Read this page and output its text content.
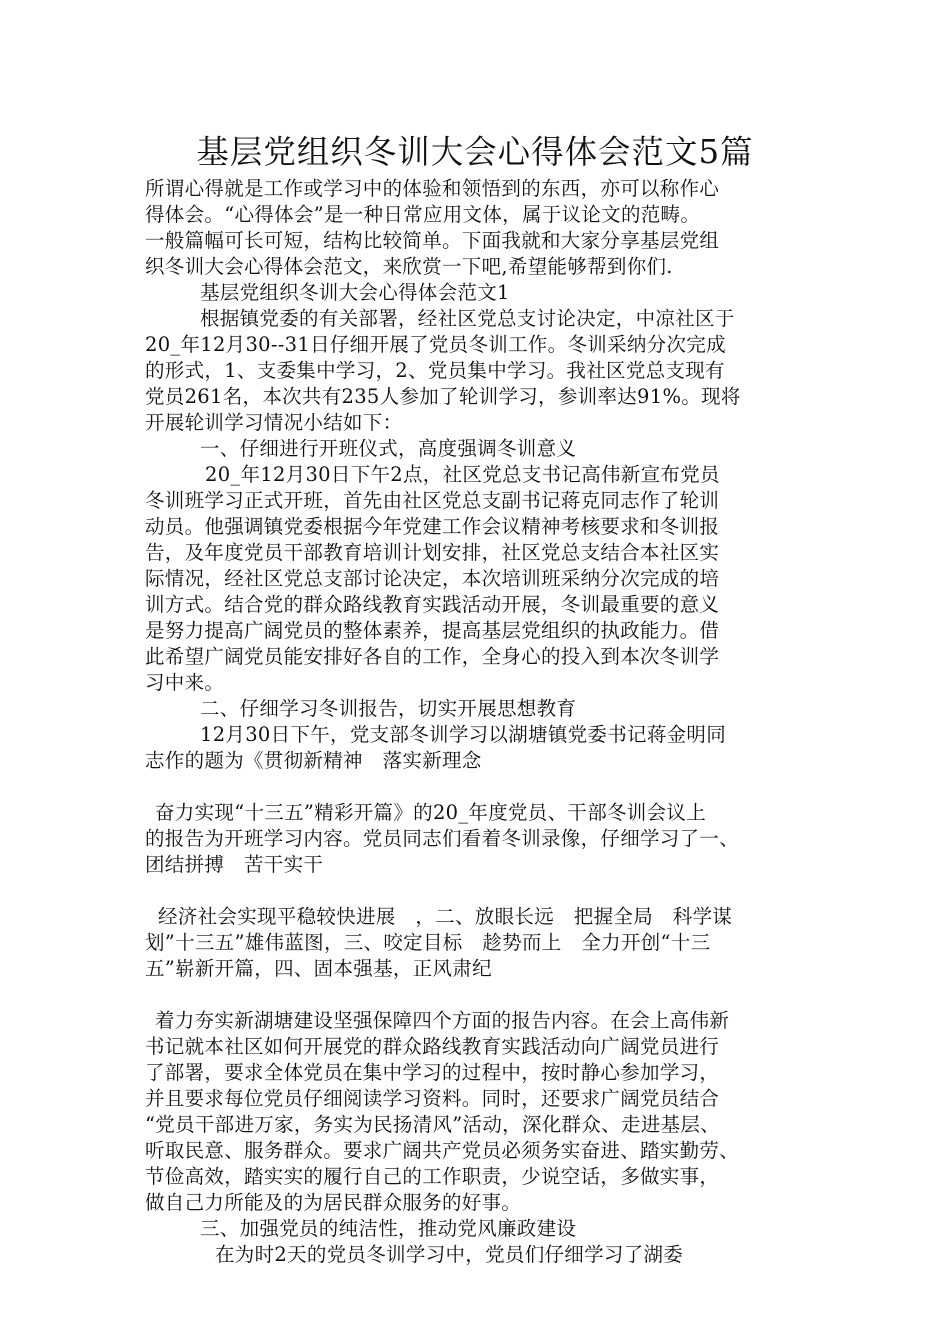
基层党组织冬训大会心得体会范文5篇
所谓心得就是工作或学习中的体验和领悟到的东西，亦可以称作心
得体会。“心得体会”是一种日常应用文体，属于议论文的范畴。
一般篇幅可长可短，结构比较简单。下面我就和大家分享基层党组
织冬训大会心得体会范文，来欣赏一下吧,希望能够帮到你们.
基层党组织冬训大会心得体会范文1
根据镇党委的有关部署，经社区党总支讨论决定，中凉社区于
20_年12月30--31日仔细开展了党员冬训工作。冬训采纳分次完成
的形式，1、支委集中学习，2、党员集中学习。我社区党总支现有
党员261名，本次共有235人参加了轮训学习，参训率达91%。现将
开展轮训学习情况小结如下：
一、仔细进行开班仪式，高度强调冬训意义
20_年12月30日下午2点，社区党总支书记高伟新宣布党员
冬训班学习正式开班，首先由社区党总支副书记蒋克同志作了轮训
动员。他强调镇党委根据今年党建工作会议精神考核要求和冬训报
告，及年度党员干部教育培训计划安排，社区党总支结合本社区实
际情况，经社区党总支部讨论决定，本次培训班采纳分次完成的培
训方式。结合党的群众路线教育实践活动开展，冬训最重要的意义
是努力提高广阔党员的整体素养，提高基层党组织的执政能力。借
此希望广阔党员能安排好各自的工作，全身心的投入到本次冬训学
习中来。
二、仔细学习冬训报告，切实开展思想教育
12月30日下午，党支部冬训学习以湖塘镇党委书记蒋金明同
志作的题为《贯彻新精神　落实新理念
奋力实现“十三五”精彩开篇》的20_年度党员、干部冬训会议上
的报告为开班学习内容。党员同志们看着冬训录像，仔细学习了一、
团结拼搏　苦干实干
经济社会实现平稳较快进展　，二、放眼长远　把握全局　科学谋
划”十三五”雄伟蓝图，三、咬定目标　趁势而上　全力开创“十三
五”崭新开篇，四、固本强基，正风肃纪
着力夯实新湖塘建设坚强保障四个方面的报告内容。在会上高伟新
书记就本社区如何开展党的群众路线教育实践活动向广阔党员进行
了部署，要求全体党员在集中学习的过程中，按时静心参加学习，
并且要求每位党员仔细阅读学习资料。同时，还要求广阔党员结合
“党员干部进万家，务实为民扬清风”活动，深化群众、走进基层、
听取民意、服务群众。要求广阔共产党员必须务实奋进、踏实勤劳、
节俭高效，踏实实的履行自己的工作职责，少说空话，多做实事，
做自己力所能及的为居民群众服务的好事。
三、加强党员的纯洁性，推动党风廉政建设
在为时2天的党员冬训学习中，党员们仔细学习了湖委
